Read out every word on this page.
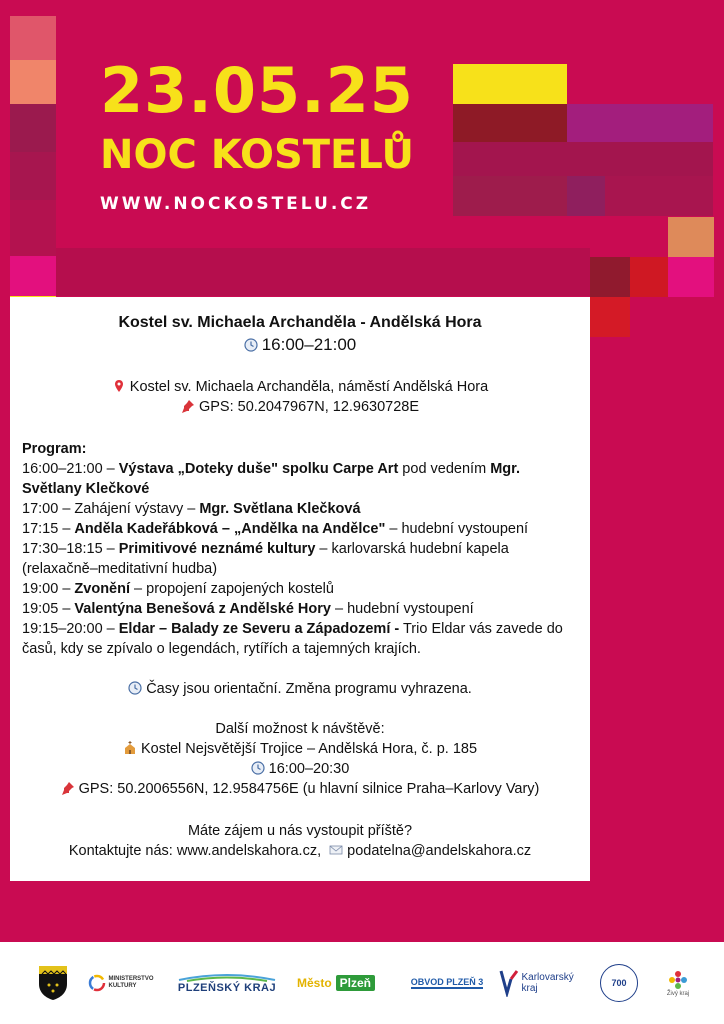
23.05.25
NOC KOSTELŮ
WWW.NOCKOSTELU.CZ
Kostel sv. Michaela Archanděla - Andělská Hora
16:00–21:00
Kostel sv. Michaela Archanděla, náměstí Andělská Hora
GPS: 50.2047967N, 12.9630728E
Program:
16:00–21:00 – Výstava „Doteky duše" spolku Carpe Art pod vedením Mgr. Světlany Klečkové
17:00 – Zahájení výstavy – Mgr. Světlana Klečková
17:15 – Anděla Kadeřábková – „Andělka na Andělce" – hudební vystoupení
17:30–18:15 – Primitivové neznámé kultury – karlovarská hudební kapela (relaxačně–meditativní hudba)
19:00 – Zvonění – propojení zapojených kostelů
19:05 – Valentýna Benešová z Andělské Hory – hudební vystoupení
19:15–20:00 – Eldar – Balady ze Severu a Západozemí - Trio Eldar vás zavede do časů, kdy se zpívalo o legendách, rytířích a tajemných krajích.
Časy jsou orientační. Změna programu vyhrazena.
Další možnost k návštěvě:
Kostel Nejsvětější Trojice – Andělská Hora, č. p. 185
16:00–20:30
GPS: 50.2006556N, 12.9584756E (u hlavní silnice Praha–Karlovy Vary)
Máte zájem u nás vystoupit příště?
Kontaktujte nás: www.andelskahora.cz, podatelna@andelskahora.cz
MINISTERSTVO KULTURY	PLZEŇSKÝ KRAJ Město Plzeň	OBVOD PLZEŇ 3	Karlovarský kraj	700
Živý kraj
